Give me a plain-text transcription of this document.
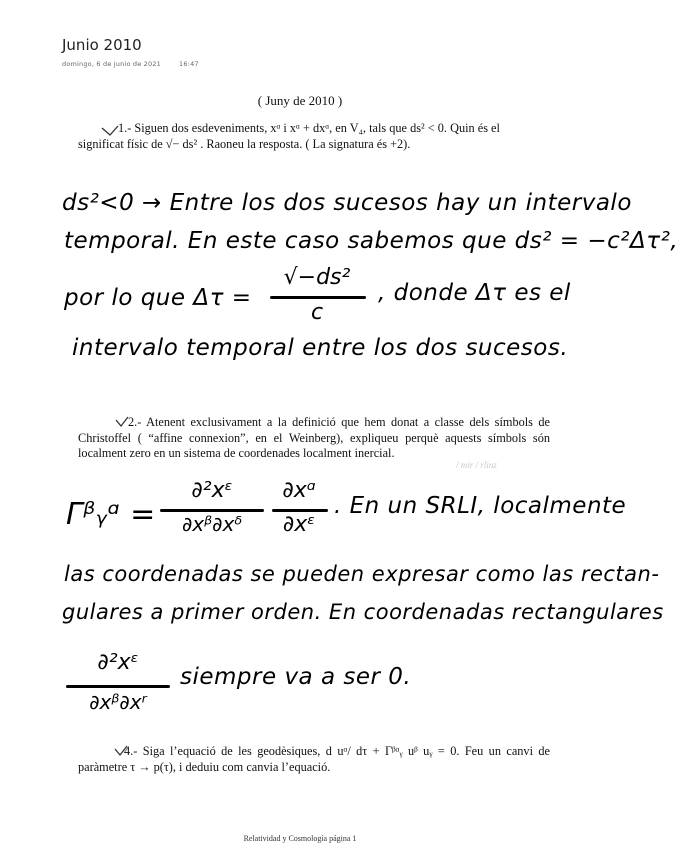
Junio 2010
domingo, 6 de junio de 2021	16:47
( Juny de 2010 )
1.- Siguen dos esdeveniments, xᵅ i xᵅ + dxᵅ, en V₄, tals que ds² < 0. Quin és el significat físic de √− ds² . Raoneu la resposta. ( La signatura és +2).
ds²<0 → Entre los dos sucesos hay un intervalo
temporal. En este caso sabemos que ds² = −c²Δτ²,
por lo que Δτ =
√−ds²
c
, donde Δτ es el
intervalo temporal entre los dos sucesos.
2.- Atenent exclusivament a la definició que hem donat a classe dels símbols de Christoffel ( “affine connexion”, en el Weinberg), expliqueu perquè aquests símbols són localment zero en un sistema de coordenades localment inercial.
/ mir / rlinz
Γᵝᵧᵅ =
∂²xᵋ
∂xᵝ∂xᵟ
∂xᵅ
∂xᵋ
. En un SRLI, localmente
las coordenadas se pueden expresar como las rectan-
gulares a primer orden. En coordenadas rectangulares
∂²xᵋ
∂xᵝ∂xʳ
siempre va a ser 0.
4.- Siga l’equació de les geodèsiques, d uᵅ/ dτ + Γᵝᵅᵧ uᵝ uᵧ = 0. Feu un canvi de paràmetre τ → p(τ), i deduiu com canvia l’equació.
Relatividad y Cosmología página 1
